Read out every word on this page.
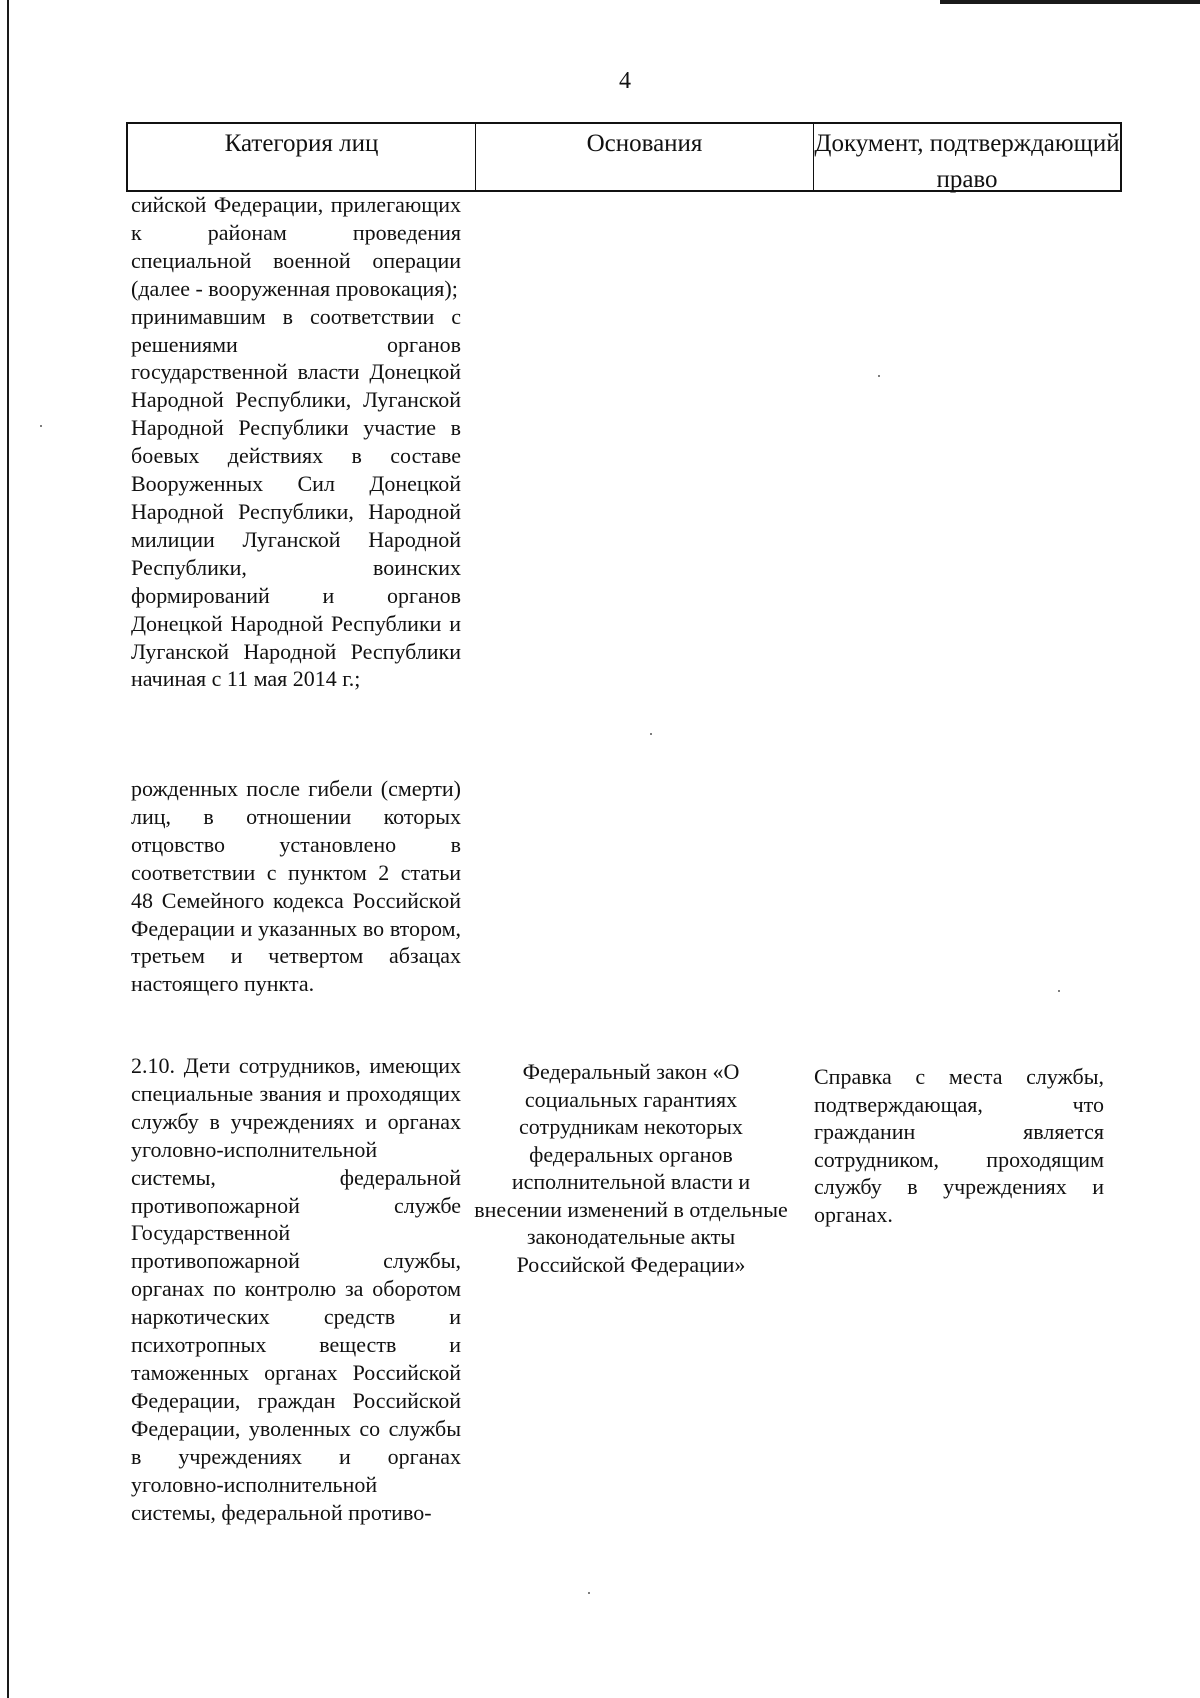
4
Категория лиц	Основания	Документ, подтверждающий право

сийской Федерации, прилегающих к районам проведения специальной военной операции (далее - вооруженная провокация);

принимавшим в соответствии с решениями органов государственной власти Донецкой Народной Республики, Луганской Народной Республики участие в боевых действиях в составе Вооруженных Сил Донецкой Народной Республики, Народной милиции Луганской Народной Республики, воинских формирований и органов Донецкой Народной Республики и Луганской Народной Республики начиная с 11 мая 2014 г.;

рожденных после гибели (смерти) лиц, в отношении которых отцовство установлено в соответствии с пунктом 2 статьи 48 Семейного кодекса Российской Федерации и указанных во втором, третьем и четвертом абзацах настоящего пункта.

2.10. Дети сотрудников, имеющих специальные звания и проходящих службу в учреждениях и органах уголовно-исполнительной системы, федеральной противопожарной службе Государственной противопожарной службы, органах по контролю за оборотом наркотических средств и психотропных веществ и таможенных органах Российской Федерации, граждан Российской Федерации, уволенных со службы в учреждениях и органах уголовно-исполнительной системы, федеральной противо-

Федеральный закон «О социальных гарантиях сотрудникам некоторых федеральных органов исполнительной власти и внесении изменений в отдельные законодательные акты Российской Федерации»
Справка с места службы, подтверждающая, что гражданин является сотрудником, проходящим службу в учреждениях и органах.
